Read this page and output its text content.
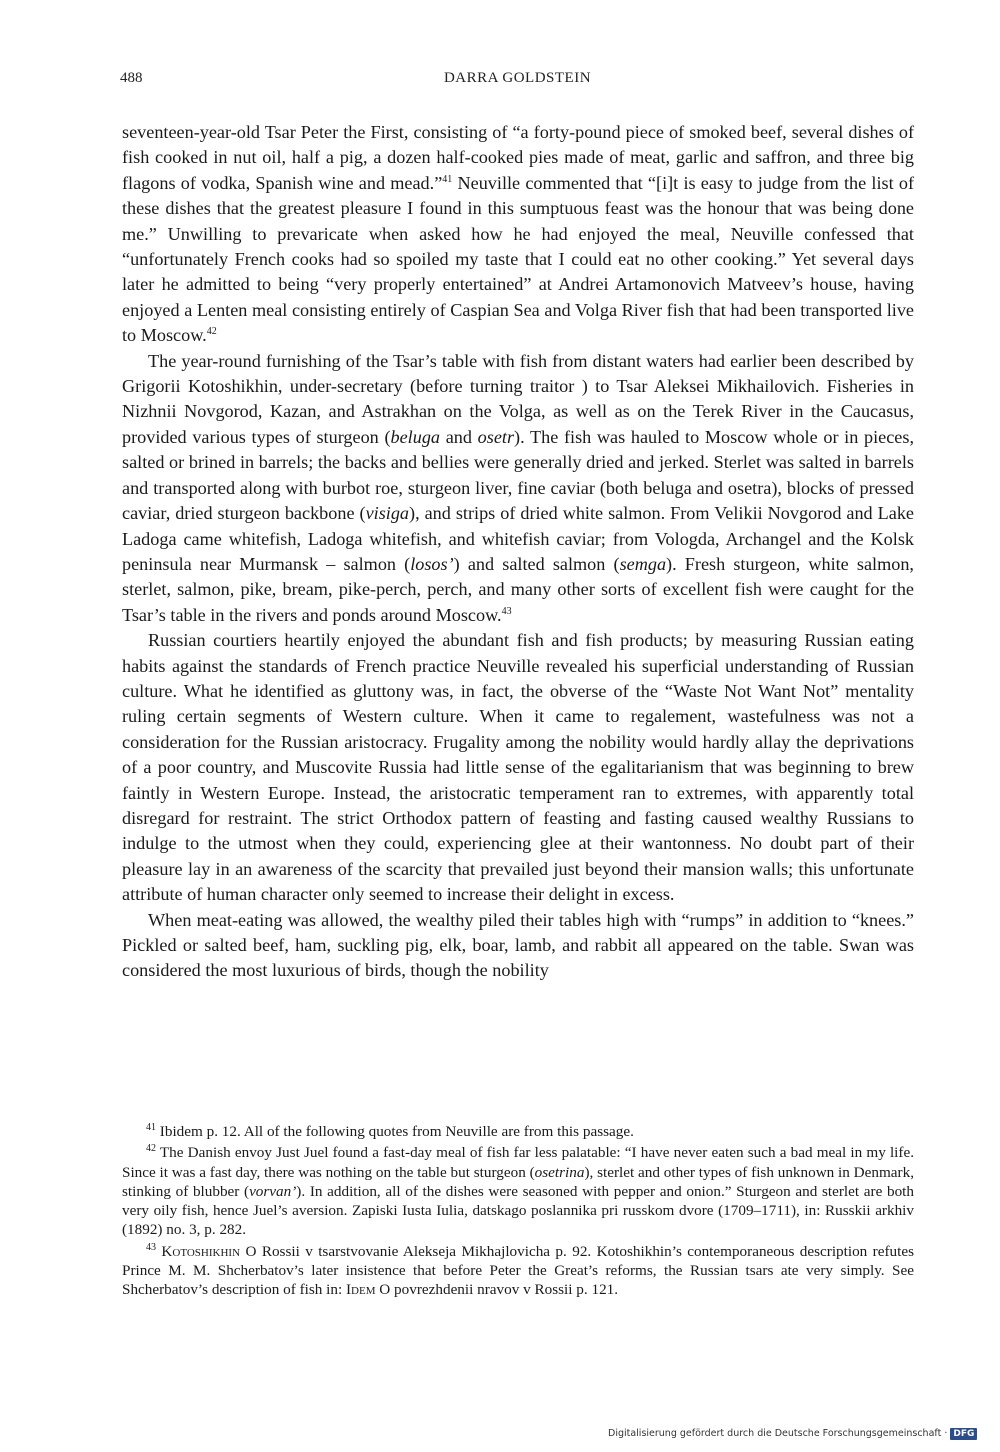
488	DARRA GOLDSTEIN

seventeen-year-old Tsar Peter the First, consisting of “a forty-pound piece of smoked beef, several dishes of fish cooked in nut oil, half a pig, a dozen half-cooked pies made of meat, garlic and saffron, and three big flagons of vodka, Spanish wine and mead.”$^{41}$ Neuville commented that “[i]t is easy to judge from the list of these dishes that the greatest pleasure I found in this sumptuous feast was the honour that was being done me.” Unwilling to prevaricate when asked how he had enjoyed the meal, Neuville confessed that “unfortunately French cooks had so spoiled my taste that I could eat no other cooking.” Yet several days later he admitted to being “very properly entertained” at Andrei Artamonovich Matveev’s house, having enjoyed a Lenten meal consisting entirely of Caspian Sea and Volga River fish that had been transported live to Moscow.$^{42}$

The year-round furnishing of the Tsar’s table with fish from distant waters had earlier been described by Grigorii Kotoshikhin, under-secretary (before turning traitor ) to Tsar Aleksei Mikhailovich. Fisheries in Nizhnii Novgorod, Kazan, and Astrakhan on the Volga, as well as on the Terek River in the Caucasus, provided various types of sturgeon (beluga and osetr). The fish was hauled to Moscow whole or in pieces, salted or brined in barrels; the backs and bellies were generally dried and jerked. Sterlet was salted in barrels and transported along with burbot roe, sturgeon liver, fine caviar (both beluga and osetra), blocks of pressed caviar, dried sturgeon backbone (visiga), and strips of dried white salmon. From Velikii Novgorod and Lake Ladoga came whitefish, Ladoga whitefish, and whitefish caviar; from Vologda, Archangel and the Kolsk peninsula near Murmansk – salmon (losos’) and salted salmon (semga). Fresh sturgeon, white salmon, sterlet, salmon, pike, bream, pike-perch, perch, and many other sorts of excellent fish were caught for the Tsar’s table in the rivers and ponds around Moscow.$^{43}$

Russian courtiers heartily enjoyed the abundant fish and fish products; by measuring Russian eating habits against the standards of French practice Neuville revealed his superficial understanding of Russian culture. What he identified as gluttony was, in fact, the obverse of the “Waste Not Want Not” mentality ruling certain segments of Western culture. When it came to regalement, wastefulness was not a consideration for the Russian aristocracy. Frugality among the nobility would hardly allay the deprivations of a poor country, and Muscovite Russia had little sense of the egalitarianism that was beginning to brew faintly in Western Europe. Instead, the aristocratic temperament ran to extremes, with apparently total disregard for restraint. The strict Orthodox pattern of feasting and fasting caused wealthy Russians to indulge to the utmost when they could, experiencing glee at their wantonness. No doubt part of their pleasure lay in an awareness of the scarcity that prevailed just beyond their mansion walls; this unfortunate attribute of human character only seemed to increase their delight in excess.

When meat-eating was allowed, the wealthy piled their tables high with “rumps” in addition to “knees.” Pickled or salted beef, ham, suckling pig, elk, boar, lamb, and rabbit all appeared on the table. Swan was considered the most luxurious of birds, though the nobility

$^{41}$ Ibidem p. 12. All of the following quotes from Neuville are from this passage.

$^{42}$ The Danish envoy Just Juel found a fast-day meal of fish far less palatable: “I have never eaten such a bad meal in my life. Since it was a fast day, there was nothing on the table but sturgeon (osetrina), sterlet and other types of fish unknown in Denmark, stinking of blubber (vorvan’). In addition, all of the dishes were seasoned with pepper and onion.” Sturgeon and sterlet are both very oily fish, hence Juel’s aversion. Zapiski Iusta Iulia, datskago poslannika pri russkom dvore (1709–1711), in: Russkii arkhiv (1892) no. 3, p. 282.

$^{43}$ Kotoshikhin O Rossii v tsarstvovanie Alekseja Mikhajlovicha p. 92. Kotoshikhin’s contemporaneous description refutes Prince M. M. Shcherbatov’s later insistence that before Peter the Great’s reforms, the Russian tsars ate very simply. See Shcherbatov’s description of fish in: Idem O povrezhdenii nravov v Rossii p. 121.

Digitalisierung gefördert durch die Deutsche Forschungsgemeinschaft · DFG
